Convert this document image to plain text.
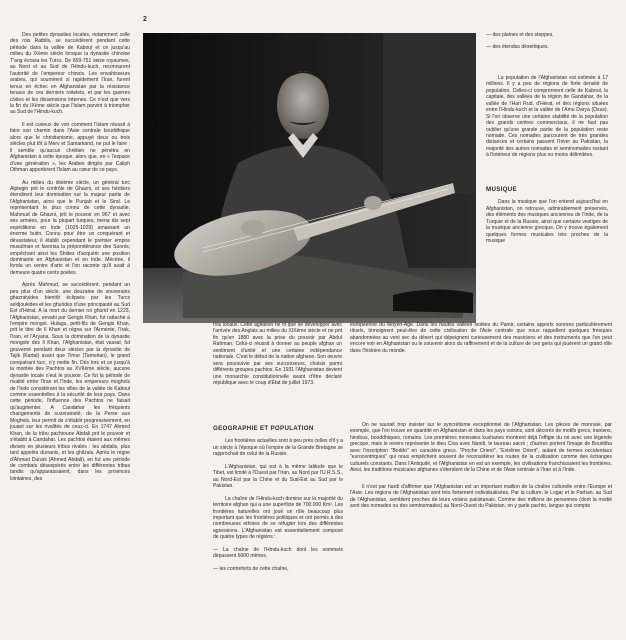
2

Des petites dynasties locales, notamment celle des rois Ratbils, se succédèrent pendant cette période dans la vallée de Kaboul et ce jusqu'au milieu du IXème siècle lorsque la dynastie chinoise T'ang écrasa les Turcs. De 659-751 seize royaumes, au Nord et au Sud de l'Hindu-kuch, reconnurent l'autorité de l'empereur chinois. Les envahisseurs arabes, qui soumirent si rapidement l'Iran, furent tenus en échec en Afghanistan par la résistance tenace de ces derniers roitelets, et par les guerres civiles et les dissensions internes. Ce n'est que vers la fin du IXème siècle que l'Islam parvint à triompher au Sud de l'Hindu-kuch.

Il est curieux de voir comment l'Islam réussit à faire son chemin dans l'Asie centrale bouddhique alors que le christianisme, appuyé deux ou trois siècles plut tôt à Merv et Samarkand, ne put le faire : il semble qu'aucun chrétien ne pénétra en Afghanistan à cette époque, alors que, en « l'espace d'une génération », les Arabes dirigés par Caliph Othman apportèrent l'Islam au cœur de ce pays.

Au milieu du dixième siècle, un général turc Alptegin prit le contrôle de Ghazni, et ses héritiers étendirent leur domination sur la majeur partie de l'Afghanistan, ainsi que le Punjab et le Sind. Le représentant le plus connu de cette dynastie, Mahmud de Ghazni, prit le pouvoir en 967 et avec ses armées, pour la plupart turques, mena dix sept expéditions en Inde (1025-1029) amassant un énorme butin. Connu pour être un conquérant et dévastateur, il établit cependant le premier empire musulman et favorisa la prépondérance des Sunnis, empêchant ainsi les Shiites d'acquérir une position dominante en Afghanistan et en Inde. Mécène, il fonda un centre d'arts et l'on raconte qu'il avait à demeure quatre cents poètes.

Après Mahmud, se succédèrent, pendant un peu plus d'un siècle, une douzaine de souverains ghaznévides bientôt éclipsés par les Turcs seldjoukides et les ghurides d'une principauté au Sud Est d'Hérat. A la mort du dernier roi ghurid en 1223, l'Afghanistan, envahi par Gengis Khan, fut rattaché à l'empire mongol. Hulagu, petit-fils de Gengis Khan, prit le titre de Il Khan et régna sur l'Arménie, l'Irak, l'Iran, et l'Aryana. Sous la domination de la dynastie mongole des Il Khan, l'Afghanistan, état vassal, fut gouverné pendant deux siècles par la dynastie de Tajik (Kartal) avant que Timur (Tamerlan), le grand conquérant turc, n'y mette fin. Dès lors et ce jusqu'à la montée des Pachtos au XVIIème siècle, aucune dynastie locale n'eut le pouvoir. Ce fut la période de rivalité entre l'Iran et l'Inde, les empereurs moghols de l'Inde considérant les villes de la vallée de Kaboul comme essentielles à la sécurité de leur pays. Dans cette période, l'influence des Pachtos ne faisait qu'augmenter. A Candahar les fréquents changements de suzeraineté, de la Perse aux Moghols, leur permit de s'établir progressivement, en jouant sur les rivalités de ceux-ci. En 1747 Ahmed Khan, de la tribu pachtoune Abdali prit le pouvoir et s'établit à Candahar. Les pachtos étaient aux mêmes divisés en plusieurs tribus rivales : les abdalis, plus tard appelés durranis, et les ghilzais. Après le règne d'Ahmad Durani (Ahmed Abdali), en fut une période de combats désespérés entre les différentes tribus tandis qu'apparaissaient, dans les provinces lointaines, des

— des plaines et des steppes,

— des étendus désertiques.

La population de l'Afghanistan est estimée à 17 millions. Il y a peu de régions de forte densité de population. Celles-ci comprennent celle de Kaboul, la capitale, des vallées de la région de Gandahar, de la vallée de l'Hari Rud, d'Hérat, et des régions situées entre l'Hindu-kuch et la vallée de l'Amu Darya (Oxus). Si l'on observe une certaine stabilité de la population des grands centres commerciaux, il ne faut pas oublier qu'une grande partie de la population reste nomade. Ces nomades parcourent de très grandes distances et certains passent l'hiver au Pakistan, la majorité des autres nomades et seminomades restant à l'intérieur de régions plus ou moins délimitées.

MUSIQUE

Dans la musique que l'on entend aujourd'hui en Afghanistan, on retrouve, admirablement préservés, des éléments des musiques anciennes de l'Inde, de la Turquie et de la Russie, ainsi que certains vestiges de la musique ancienne grecque. On y trouve également quelques formes musicales très proches de la musique

rois locaux. Cette agitation ne fit que se développer avec l'arrivée des Anglais au milieu du XIXème siècle et ne prit fin qu'en 1880 avec la prise du pouvoir par Abdul Rahman. Celui-ci réussit à donner au peuple afghan un sentiment d'unité et une certaine indépendance nationale. C'est le début de la nation afghane. Son œuvre sera poursuivie par ses successeurs, choisis parmi différents groupes pachtos. En 1931 l'Afghanistan devient une monarchie constitutionnelle avant d'être déclaré république avec le coup d'État de juillet 1973.

GEOGRAPHIE ET POPULATION

Les frontières actuelles sont à peu près celles d'il y a un siècle à l'époque où l'empire de la Grande Bretagne se rapprochait de celui de la Russie.

L'Afghanistan, qui est à la même latitude que le Tibet, est limité à l'Ouest par l'Iran, au Nord par l'U.R.S.S., au Nord-Est par la Chine et du Sud-Est au Sud par le Pakistan.

La chaîne de l'Hindu-kuch domine sur la majorité du territoire afghan qui a une superficie de 700.000 Km². Les frontières naturelles ont joué un rôle beaucoup plus important que les frontières politiques et ont permis à des nombreuses ethnies de se réfugier lors des différentes agressions. L'Afghanistan est essentiellement composé de quatre types de régions :

— La chaîne de l'Hindu-kuch dont les sommets dépassent 6000 mètres,

— les contreforts de cette chaîne,

européenne du Moyen-Age. Dans les hautes vallées isolées du Pamir, certains apports sonores particulièrement rituels, témoignent peut-être de cette civilisation de l'Asie centrale que nous rappellent quelques fresques abandonnées au vent sec du désert qui dépeignent curieusement des musiciens et des instruments que l'on peut encore voir en Afghanistan ou le souvenir alors du raffinement et de la culture de ces gens qui jouèrent un grand rôle dans l'histoire du monde.

On ne saurait trop insister sur le syncrétisme exceptionnel de l'Afghanistan. Les pièces de monnaie, par exemple, que l'on trouve en quantité en Afghanistan et dans les pays voisins, sont décorés de motifs grecs, iraniens, hindous, bouddhiques, romains. Les premières monnaies kushanes montrent déjà l'effigie du roi avec une légende grecque, mais le revers représente le dieu Civa avec Nandi, le taureau sacré ; d'autres portent l'image de Bouddha avec l'inscription "Boddo" en caractère grecs. "Proche Orient", "Extrême Orient", autant de termes occidentaux "eurocentriques" qui nous empêchent souvent de reconsidérer les routes de la civilisation comme des échanges culturels constants. Dans l'Antiquité, et l'Afghanistan en est un exemple, les civilisations franchissaient les frontières. Ainsi, les traditions musicales afghanes s'étendent de la Chine et de l'Asie centrale à l'Iran et à l'Inde.

Il n'est par hardi d'affirmer que l'Afghanistan est un important maillon de la chaîne culturelle entre l'Europe et l'Asie. Les régions de l'Afghanistan sont très fortement individualisées. Par la culture, le Logar et le Parhan, au Sud de l'Afghanistan, semblent proches de leurs voisins pakistanais. Comme des millions de personnes (dont la moitié sont des nomades ou des seminomades) au Nord-Ouest du Pakistan, on y parle pachto, langue qui compte
